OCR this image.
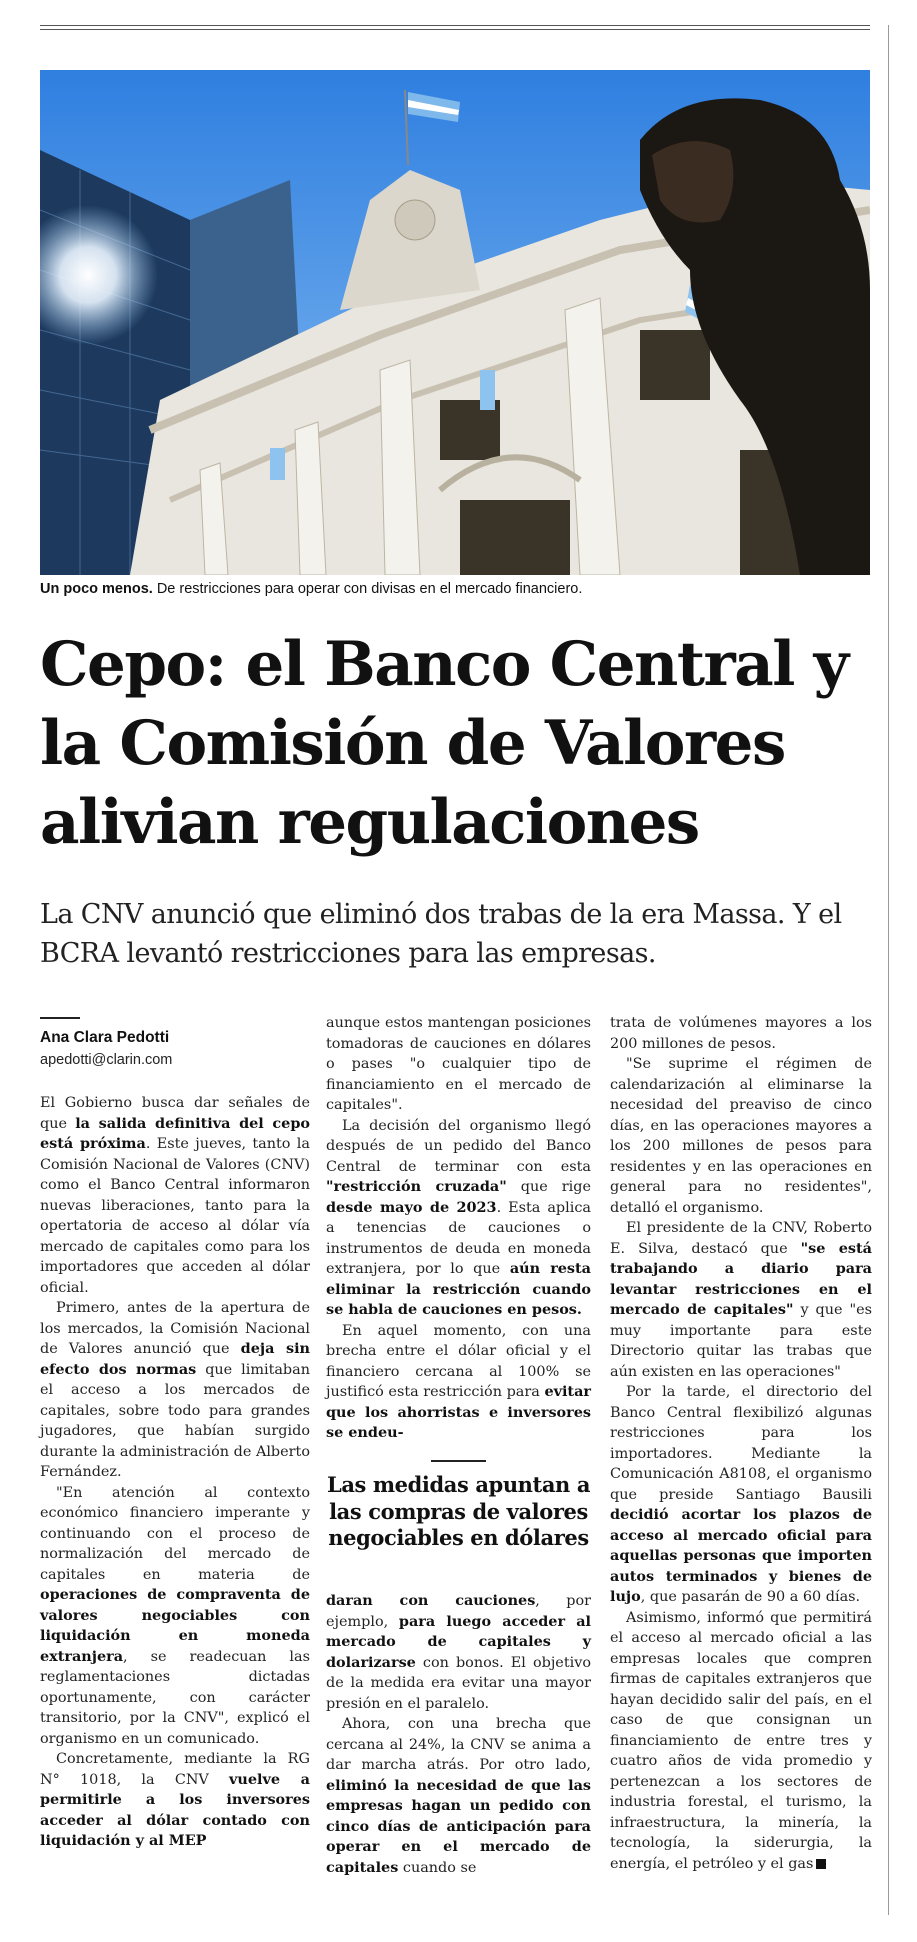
Un poco menos. De restricciones para operar con divisas en el mercado financiero.
Cepo: el Banco Central y la Comisión de Valores alivian regulaciones
La CNV anunció que eliminó dos trabas de la era Massa. Y el BCRA levantó restricciones para las empresas.
Ana Clara Pedotti
apedotti@clarin.com

El Gobierno busca dar señales de que la salida definitiva del cepo está próxima. Este jueves, tanto la Comisión Nacional de Valores (CNV) como el Banco Central informaron nuevas liberaciones, tanto para la opertatoria de acceso al dólar vía mercado de capitales como para los importadores que acceden al dólar oficial.

Primero, antes de la apertura de los mercados, la Comisión Nacional de Valores anunció que deja sin efecto dos normas que limitaban el acceso a los mercados de capitales, sobre todo para grandes jugadores, que habían surgido durante la administración de Alberto Fernández.

"En atención al contexto económico financiero imperante y continuando con el proceso de normalización del mercado de capitales en materia de operaciones de compraventa de valores negociables con liquidación en moneda extranjera, se readecuan las reglamentaciones dictadas oportunamente, con carácter transitorio, por la CNV", explicó el organismo en un comunicado.

Concretamente, mediante la RG N° 1018, la CNV vuelve a permitirle a los inversores acceder al dólar contado con liquidación y al MEP

aunque estos mantengan posiciones tomadoras de cauciones en dólares o pases "o cualquier tipo de financiamiento en el mercado de capitales".

La decisión del organismo llegó después de un pedido del Banco Central de terminar con esta "restricción cruzada" que rige desde mayo de 2023. Esta aplica a tenencias de cauciones o instrumentos de deuda en moneda extranjera, por lo que aún resta eliminar la restricción cuando se habla de cauciones en pesos.

En aquel momento, con una brecha entre el dólar oficial y el financiero cercana al 100% se justificó esta restricción para evitar que los ahorristas e inversores se endeu-

Las medidas apuntan a las compras de valores negociables en dólares

daran con cauciones, por ejemplo, para luego acceder al mercado de capitales y dolarizarse con bonos. El objetivo de la medida era evitar una mayor presión en el paralelo.

Ahora, con una brecha que cercana al 24%, la CNV se anima a dar marcha atrás. Por otro lado, eliminó la necesidad de que las empresas hagan un pedido con cinco días de anticipación para operar en el mercado de capitales cuando se

trata de volúmenes mayores a los 200 millones de pesos.

"Se suprime el régimen de calendarización al eliminarse la necesidad del preaviso de cinco días, en las operaciones mayores a los 200 millones de pesos para residentes y en las operaciones en general para no residentes", detalló el organismo.

El presidente de la CNV, Roberto E. Silva, destacó que "se está trabajando a diario para levantar restricciones en el mercado de capitales" y que "es muy importante para este Directorio quitar las trabas que aún existen en las operaciones"

Por la tarde, el directorio del Banco Central flexibilizó algunas restricciones para los importadores. Mediante la Comunicación A8108, el organismo que preside Santiago Bausili decidió acortar los plazos de acceso al mercado oficial para aquellas personas que importen autos terminados y bienes de lujo, que pasarán de 90 a 60 días.

Asimismo, informó que permitirá el acceso al mercado oficial a las empresas locales que compren firmas de capitales extranjeros que hayan decidido salir del país, en el caso de que consignan un financiamiento de entre tres y cuatro años de vida promedio y pertenezcan a los sectores de industria forestal, el turismo, la infraestructura, la minería, la tecnología, la siderurgia, la energía, el petróleo y el gas
